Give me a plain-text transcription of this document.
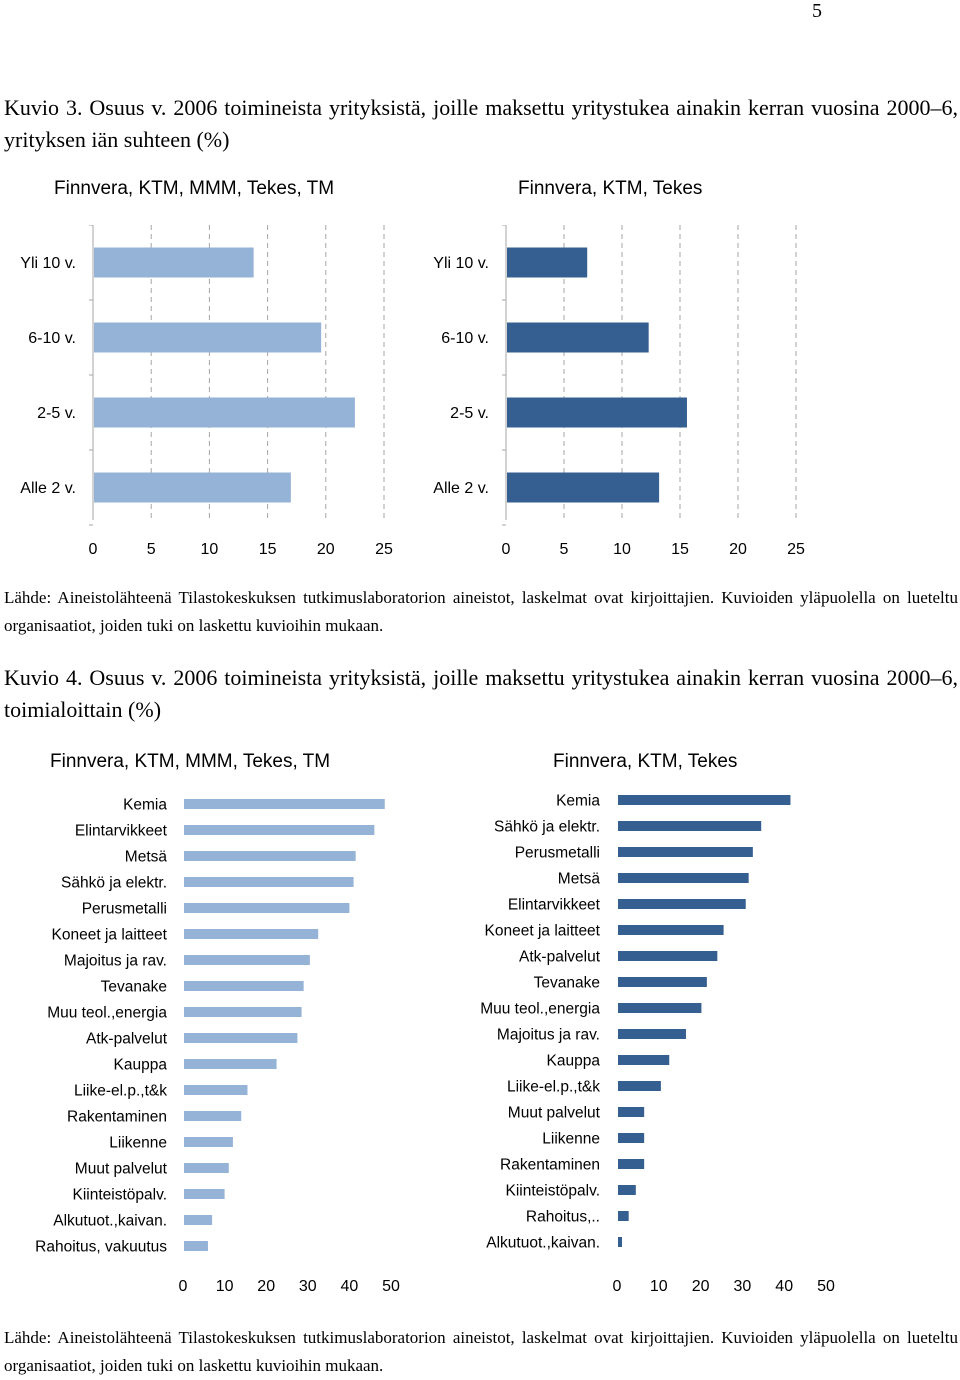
5
Kuvio 3. Osuus v. 2006 toimineista yrityksistä, joille maksettu yritystukea ainakin kerran vuosina 2000–6, yrityksen iän suhteen (%)
Finnvera, KTM, MMM, Tekes, TM	Finnvera, KTM, Tekes
Yli 10 v.
6-10 v.
2-5 v.
Alle 2 v.
0	5	10	15	20	25
Yli 10 v.
6-10 v.
2-5 v.
Alle 2 v.
0	5	10	15	20	25
Lähde: Aineistolähteenä Tilastokeskuksen tutkimuslaboratorion aineistot, laskelmat ovat kirjoittajien. Kuvioiden yläpuolella on lueteltu organisaatiot, joiden tuki on laskettu kuvioihin mukaan.
Kuvio 4. Osuus v. 2006 toimineista yrityksistä, joille maksettu yritystukea ainakin kerran vuosina 2000–6, toimialoittain (%)
Finnvera, KTM, MMM, Tekes, TM	Finnvera, KTM, Tekes
Kemia
Elintarvikkeet
Metsä
Sähkö ja elektr.
Perusmetalli
Koneet ja laitteet
Majoitus ja rav.
Tevanake
Muu teol.,energia
Atk-palvelut
Kauppa
Liike-el.p.,t&k
Rakentaminen
Liikenne
Muut palvelut
Kiinteistöpalv.
Alkutuot.,kaivan.
Rahoitus, vakuutus
0 10 20 30 40 50
Kemia
Sähkö ja elektr.
Perusmetalli
Metsä
Elintarvikkeet
Koneet ja laitteet
Atk-palvelut
Tevanake
Muu teol.,energia
Majoitus ja rav.
Kauppa
Liike-el.p.,t&k
Muut palvelut
Liikenne
Rakentaminen
Kiinteistöpalv.
Rahoitus,..
Alkutuot.,kaivan.
0 10 20 30 40 50
Lähde: Aineistolähteenä Tilastokeskuksen tutkimuslaboratorion aineistot, laskelmat ovat kirjoittajien. Kuvioiden yläpuolella on lueteltu organisaatiot, joiden tuki on laskettu kuvioihin mukaan.
